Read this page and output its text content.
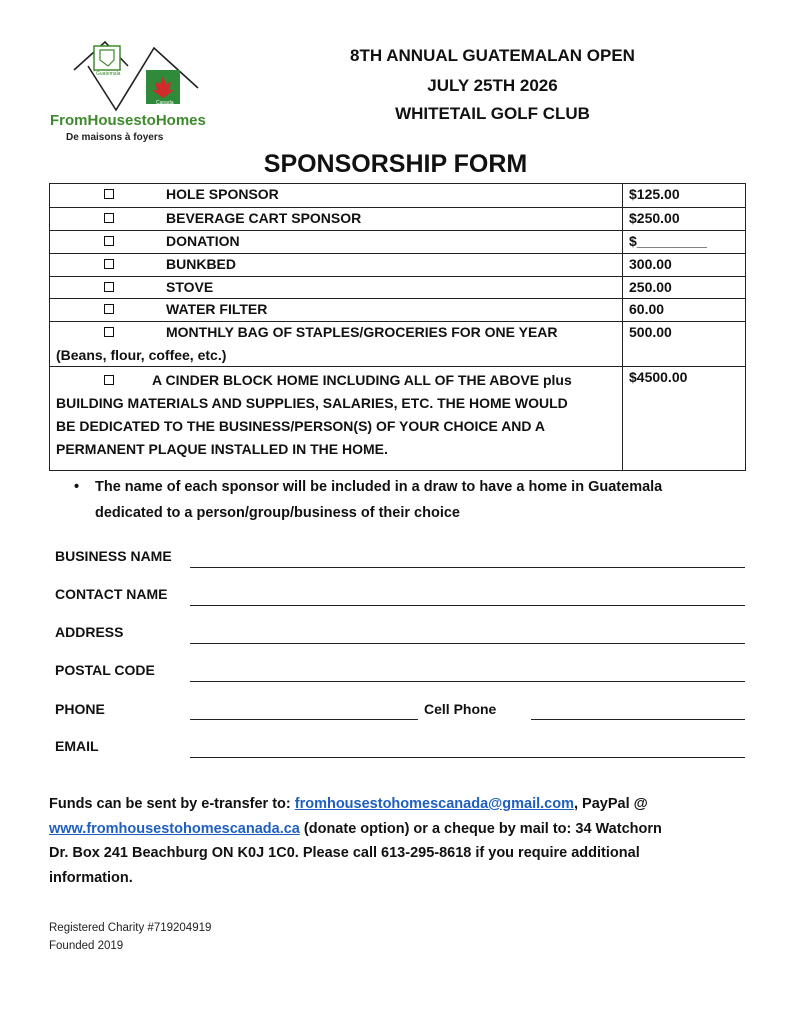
Guatemala
Canada
FromHousestoHomes
De maisons à foyers
8TH ANNUAL GUATEMALAN OPEN
JULY 25TH 2026
WHITETAIL GOLF CLUB
SPONSORSHIP FORM
HOLE SPONSOR	$125.00
BEVERAGE CART SPONSOR	$250.00
DONATION	$_________
BUNKBED	300.00
STOVE	250.00
WATER FILTER	60.00
MONTHLY BAG OF STAPLES/GROCERIES FOR ONE YEAR
(Beans, flour, coffee, etc.)
500.00
A CINDER BLOCK HOME INCLUDING ALL OF THE ABOVE plus
BUILDING MATERIALS AND SUPPLIES, SALARIES, ETC. THE HOME WOULD
BE DEDICATED TO THE BUSINESS/PERSON(S) OF YOUR CHOICE AND A
PERMANENT PLAQUE INSTALLED IN THE HOME.
$4500.00
• The name of each sponsor will be included in a draw to have a home in Guatemala
dedicated to a person/group/business of their choice
BUSINESS NAME
CONTACT NAME
ADDRESS
POSTAL CODE
PHONE	Cell Phone
EMAIL
Funds can be sent by e-transfer to: fromhousestohomescanada@gmail.com, PayPal @
www.fromhousestohomescanada.ca (donate option) or a cheque by mail to: 34 Watchorn
Dr. Box 241 Beachburg ON K0J 1C0. Please call 613-295-8618 if you require additional
information.
Registered Charity #719204919
Founded 2019
